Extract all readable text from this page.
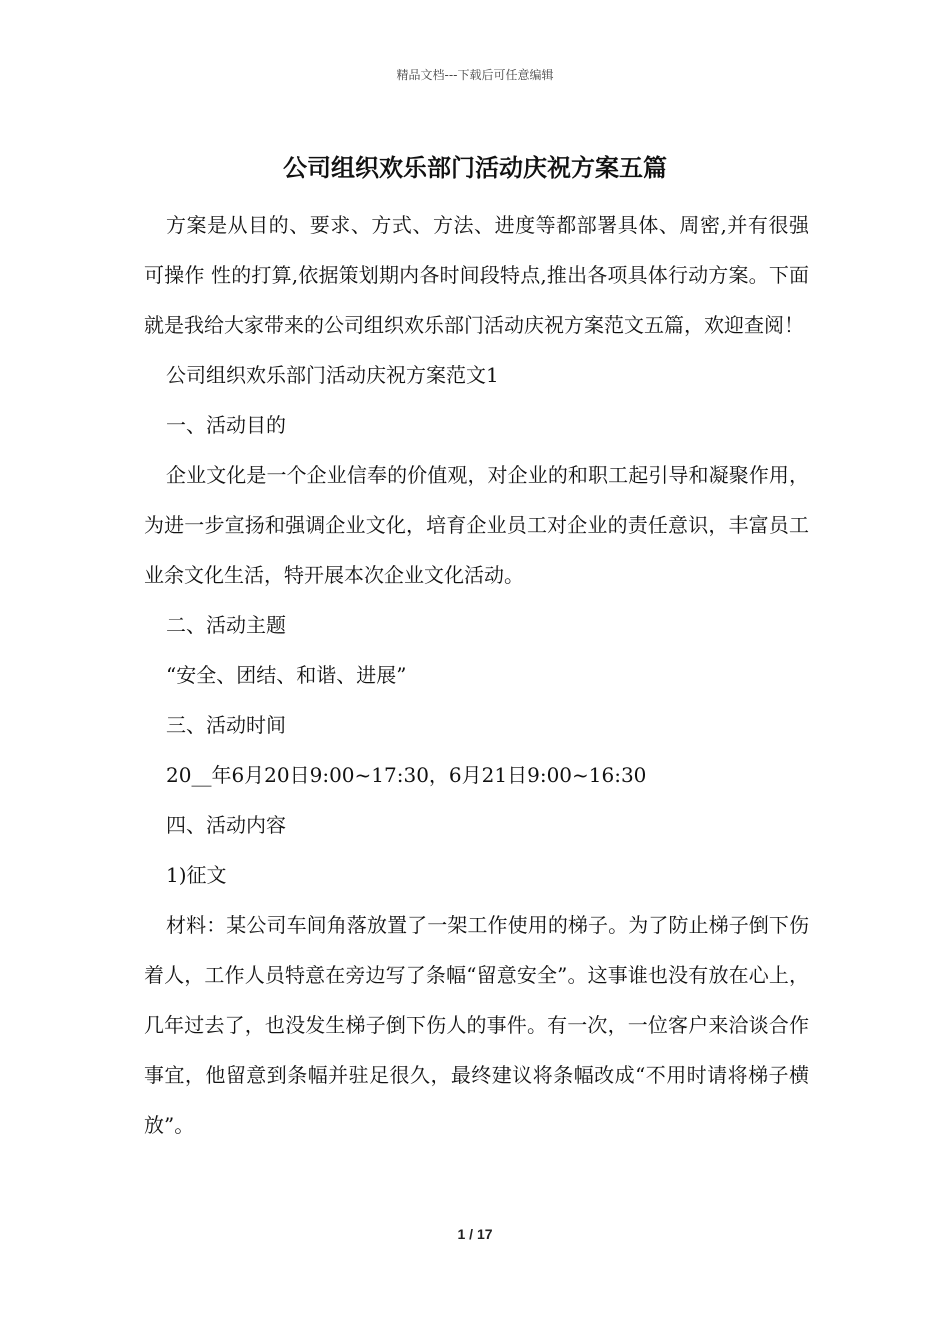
精品文档---下载后可任意编辑
公司组织欢乐部门活动庆祝方案五篇

方案是从目的、要求、方式、方法、进度等都部署具体、周密,并有很强可操作 性的打算,依据策划期内各时间段特点,推出各项具体行动方案。下面就是我给大家带来的公司组织欢乐部门活动庆祝方案范文五篇，欢迎查阅！

公司组织欢乐部门活动庆祝方案范文1

一、活动目的

企业文化是一个企业信奉的价值观，对企业的和职工起引导和凝聚作用，为进一步宣扬和强调企业文化，培育企业员工对企业的责任意识，丰富员工业余文化生活，特开展本次企业文化活动。

二、活动主题

“安全、团结、和谐、进展”

三、活动时间

20__年6月20日9:00~17:30，6月21日9:00~16:30

四、活动内容

1)征文

材料：某公司车间角落放置了一架工作使用的梯子。为了防止梯子倒下伤着人，工作人员特意在旁边写了条幅“留意安全”。这事谁也没有放在心上，几年过去了，也没发生梯子倒下伤人的事件。有一次，一位客户来洽谈合作事宜，他留意到条幅并驻足很久，最终建议将条幅改成“不用时请将梯子横放”。

1 / 17
